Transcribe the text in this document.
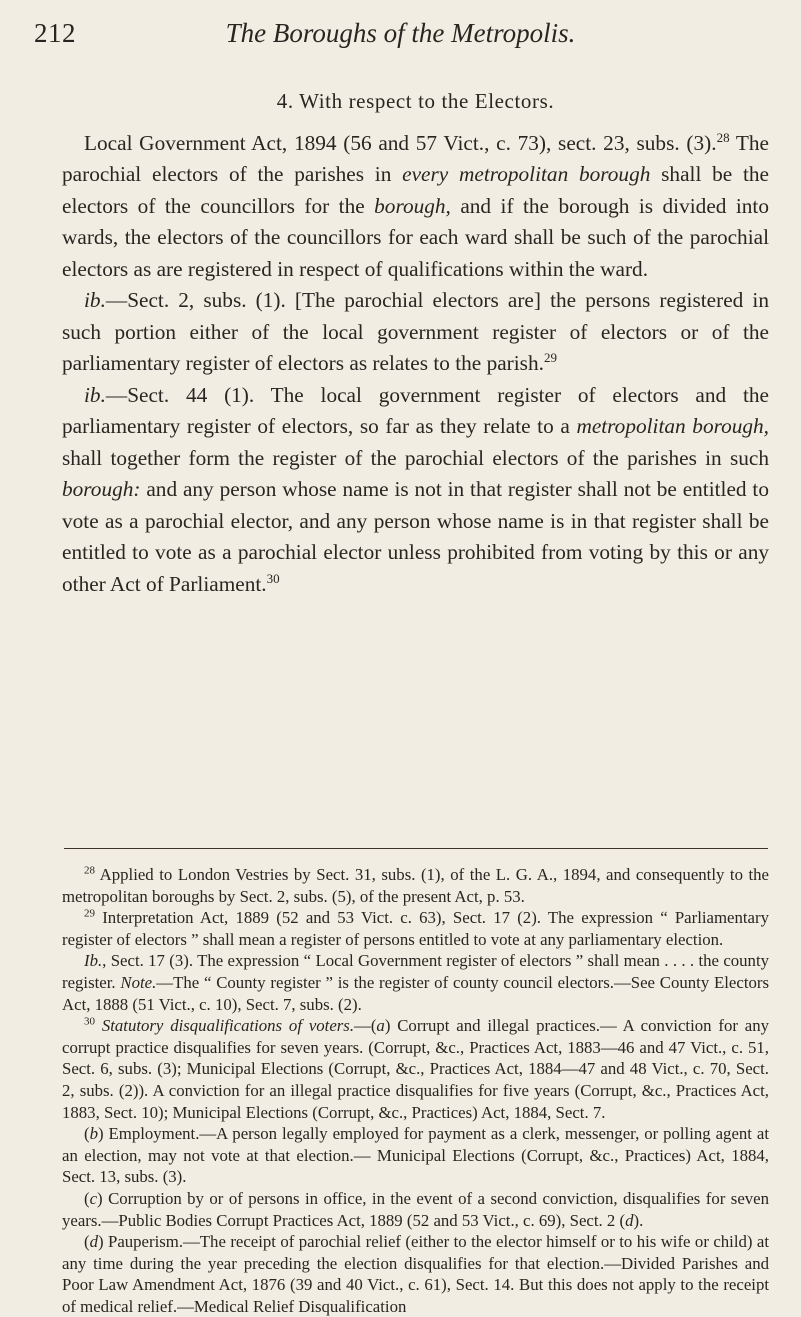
212	The Boroughs of the Metropolis.
4. With respect to the Electors.

Local Government Act, 1894 (56 and 57 Vict., c. 73), sect. 23, subs. (3).$^{28}$ The parochial electors of the parishes in every metropolitan borough shall be the electors of the councillors for the borough, and if the borough is divided into wards, the electors of the councillors for each ward shall be such of the parochial electors as are registered in respect of qualifications within the ward.

ib.—Sect. 2, subs. (1). [The parochial electors are] the persons registered in such portion either of the local government register of electors or of the parliamentary register of electors as relates to the parish.$^{29}$

ib.—Sect. 44 (1). The local government register of electors and the parliamentary register of electors, so far as they relate to a metropolitan borough, shall together form the register of the parochial electors of the parishes in such borough: and any person whose name is not in that register shall not be entitled to vote as a parochial elector, and any person whose name is in that register shall be entitled to vote as a parochial elector unless prohibited from voting by this or any other Act of Parliament.$^{30}$

$^{28}$ Applied to London Vestries by Sect. 31, subs. (1), of the L. G. A., 1894, and consequently to the metropolitan boroughs by Sect. 2, subs. (5), of the present Act, p. 53.

$^{29}$ Interpretation Act, 1889 (52 and 53 Vict. c. 63), Sect. 17 (2). The expression “ Parliamentary register of electors ” shall mean a register of persons entitled to vote at any parliamentary election.

Ib., Sect. 17 (3). The expression “ Local Government register of electors ” shall mean . . . . the county register. Note.—The “ County register ” is the register of county council electors.—See County Electors Act, 1888 (51 Vict., c. 10), Sect. 7, subs. (2).

$^{30}$ Statutory disqualifications of voters.—(a) Corrupt and illegal practices.— A conviction for any corrupt practice disqualifies for seven years. (Corrupt, &c., Practices Act, 1883—46 and 47 Vict., c. 51, Sect. 6, subs. (3); Municipal Elections (Corrupt, &c., Practices Act, 1884—47 and 48 Vict., c. 70, Sect. 2, subs. (2)). A conviction for an illegal practice disqualifies for five years (Corrupt, &c., Practices Act, 1883, Sect. 10); Municipal Elections (Corrupt, &c., Practices) Act, 1884, Sect. 7.

(b) Employment.—A person legally employed for payment as a clerk, messenger, or polling agent at an election, may not vote at that election.— Municipal Elections (Corrupt, &c., Practices) Act, 1884, Sect. 13, subs. (3).

(c) Corruption by or of persons in office, in the event of a second conviction, disqualifies for seven years.—Public Bodies Corrupt Practices Act, 1889 (52 and 53 Vict., c. 69), Sect. 2 (d).

(d) Pauperism.—The receipt of parochial relief (either to the elector himself or to his wife or child) at any time during the year preceding the election disqualifies for that election.—Divided Parishes and Poor Law Amendment Act, 1876 (39 and 40 Vict., c. 61), Sect. 14. But this does not apply to the receipt of medical relief.—Medical Relief Disqualification
